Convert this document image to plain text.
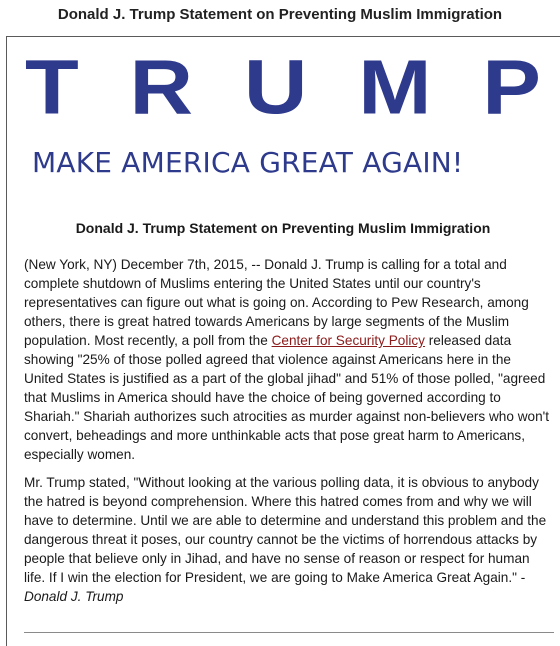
Donald J. Trump Statement on Preventing Muslim Immigration
T R U M P
MAKE AMERICA GREAT AGAIN!
Donald J. Trump Statement on Preventing Muslim Immigration

(New York, NY) December 7th, 2015, -- Donald J. Trump is calling for a total and complete shutdown of Muslims entering the United States until our country's representatives can figure out what is going on. According to Pew Research, among others, there is great hatred towards Americans by large segments of the Muslim population. Most recently, a poll from the Center for Security Policy released data showing "25% of those polled agreed that violence against Americans here in the United States is justified as a part of the global jihad" and 51% of those polled, "agreed that Muslims in America should have the choice of being governed according to Shariah." Shariah authorizes such atrocities as murder against non-believers who won't convert, beheadings and more unthinkable acts that pose great harm to Americans, especially women.

Mr. Trump stated, "Without looking at the various polling data, it is obvious to anybody the hatred is beyond comprehension. Where this hatred comes from and why we will have to determine. Until we are able to determine and understand this problem and the dangerous threat it poses, our country cannot be the victims of horrendous attacks by people that believe only in Jihad, and have no sense of reason or respect for human life. If I win the election for President, we are going to Make America Great Again." - Donald J. Trump
